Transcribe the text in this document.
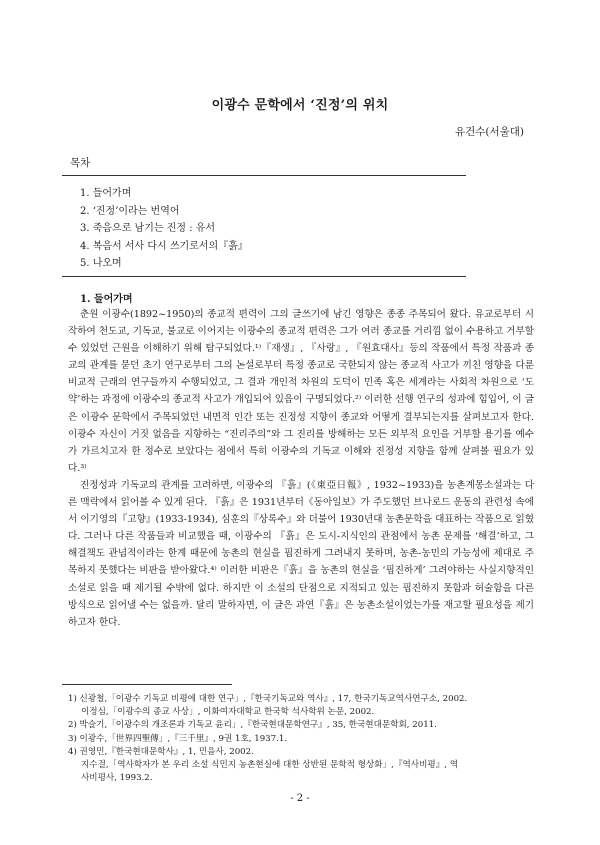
이광수 문학에서 ‘진정’의 위치
유건수(서울대)
목차
1. 들어가며
2. ‘진정’이라는 번역어
3. 죽음으로 남기는 진정 : 유서
4. 복음서 서사 다시 쓰기로서의『흙』
5. 나오며
1. 들어가며

춘원 이광수(1892~1950)의 종교적 편력이 그의 글쓰기에 남긴 영향은 종종 주목되어 왔다. 유교로부터 시작하여 천도교, 기독교, 불교로 이어지는 이광수의 종교적 편력은 그가 여러 종교를 거리낌 없이 수용하고 거부할 수 있었던 근원을 이해하기 위해 탐구되었다.¹⁾『재생』, 『사랑』, 『원효대사』등의 작품에서 특정 작품과 종교의 관계를 묻던 초기 연구로부터 그의 논설로부터 특정 종교로 국한되지 않는 종교적 사고가 끼친 영향을 다룬 비교적 근래의 연구들까지 수행되었고, 그 결과 개인적 차원의 도덕이 민족 혹은 세계라는 사회적 차원으로 ‘도약’하는 과정에 이광수의 종교적 사고가 개입되어 있음이 구명되었다.²⁾ 이러한 선행 연구의 성과에 힘입어, 이 글은 이광수 문학에서 주목되었던 내면적 인간 또는 진정성 지향이 종교와 어떻게 결부되는지를 살펴보고자 한다. 이광수 자신이 거짓 없음을 지향하는 “진리주의”와 그 진리를 방해하는 모든 외부적 요인을 거부할 용기를 예수가 가르치고자 한 정수로 보았다는 점에서 특히 이광수의 기독교 이해와 진정성 지향을 함께 살펴볼 필요가 있다.³⁾

진정성과 기독교의 관계를 고려하면, 이광수의 『흙』(《東亞日報》, 1932~1933)을 농촌계몽소설과는 다른 맥락에서 읽어볼 수 있게 된다. 『흙』은 1931년부터《동아일보》가 주도했던 브나로드 운동의 관련성 속에서 이기영의『고향』(1933-1934), 심훈의『상록수』와 더불어 1930년대 농촌문학을 대표하는 작품으로 읽혔다. 그러나 다른 작품들과 비교했을 때, 이광수의 『흙』은 도시-지식인의 관점에서 농촌 문제를 ‘해결’하고, 그 해결책도 관념적이라는 한계 때문에 농촌의 현실을 핍진하게 그려내지 못하며, 농촌-농민의 가능성에 제대로 주목하지 못했다는 비판을 받아왔다.⁴⁾ 이러한 비판은『흙』을 농촌의 현실을 ‘핍진하게’ 그려야하는 사실지향적인 소설로 읽을 때 제기될 수밖에 없다. 하지만 이 소설의 단점으로 지적되고 있는 핍진하지 못함과 허술함을 다른 방식으로 읽어낼 수는 없을까. 달리 말하자면, 이 글은 과연『흙』은 농촌소설이었는가를 재고할 필요성을 제기하고자 한다.

1) 신광철,「이광수 기독교 비평에 대한 연구」,『한국기독교와 역사』, 17, 한국기독교역사연구소, 2002.
이정심,「이광수의 종교 사상」, 이화여자대학교 한국학 석사학위 논문, 2002.
2) 박슬기,「이광수의 개조론과 기독교 윤리」,『한국현대문학연구』, 35, 한국현대문학회, 2011.
3) 이광수,「世界四聖傳」,『三千里』, 9권 1호, 1937.1.
4) 권영민,『한국현대문학사』, 1, 민음사, 2002.
지수걸,「역사학자가 본 우리 소설 식민지 농촌현실에 대한 상반된 문학적 형상화」,『역사비평』, 역
사비평사, 1993.2.
- 2 -
